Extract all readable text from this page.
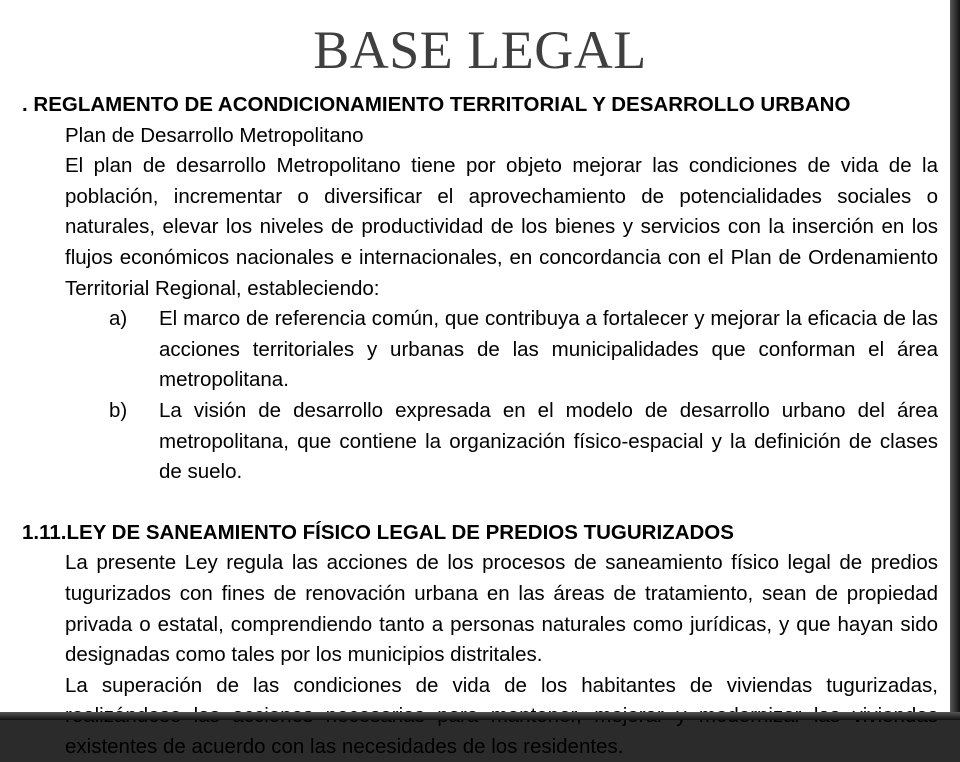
BASE LEGAL

. REGLAMENTO DE ACONDICIONAMIENTO TERRITORIAL Y DESARROLLO URBANO

Plan de Desarrollo Metropolitano

El plan de desarrollo Metropolitano tiene por objeto mejorar las condiciones de vida de la población, incrementar o diversificar el aprovechamiento de potencialidades sociales o naturales, elevar los niveles de productividad de los bienes y servicios con la inserción en los flujos económicos nacionales e internacionales, en concordancia con el Plan de Ordenamiento Territorial Regional, estableciendo:

a)	El marco de referencia común, que contribuya a fortalecer y mejorar la eficacia de las acciones territoriales y urbanas de las municipalidades que conforman el área metropolitana.
b)	La visión de desarrollo expresada en el modelo de desarrollo urbano del área metropolitana, que contiene la organización físico-espacial y la definición de clases de suelo.

1.11.LEY DE SANEAMIENTO FÍSICO LEGAL DE PREDIOS TUGURIZADOS

La presente Ley regula las acciones de los procesos de saneamiento físico legal de predios tugurizados con fines de renovación urbana en las áreas de tratamiento, sean de propiedad privada o estatal, comprendiendo tanto a personas naturales como jurídicas, y que hayan sido designadas como tales por los municipios distritales.

La superación de las condiciones de vida de los habitantes de viviendas tugurizadas, existentes de acuerdo con las necesidades de los residentes.
